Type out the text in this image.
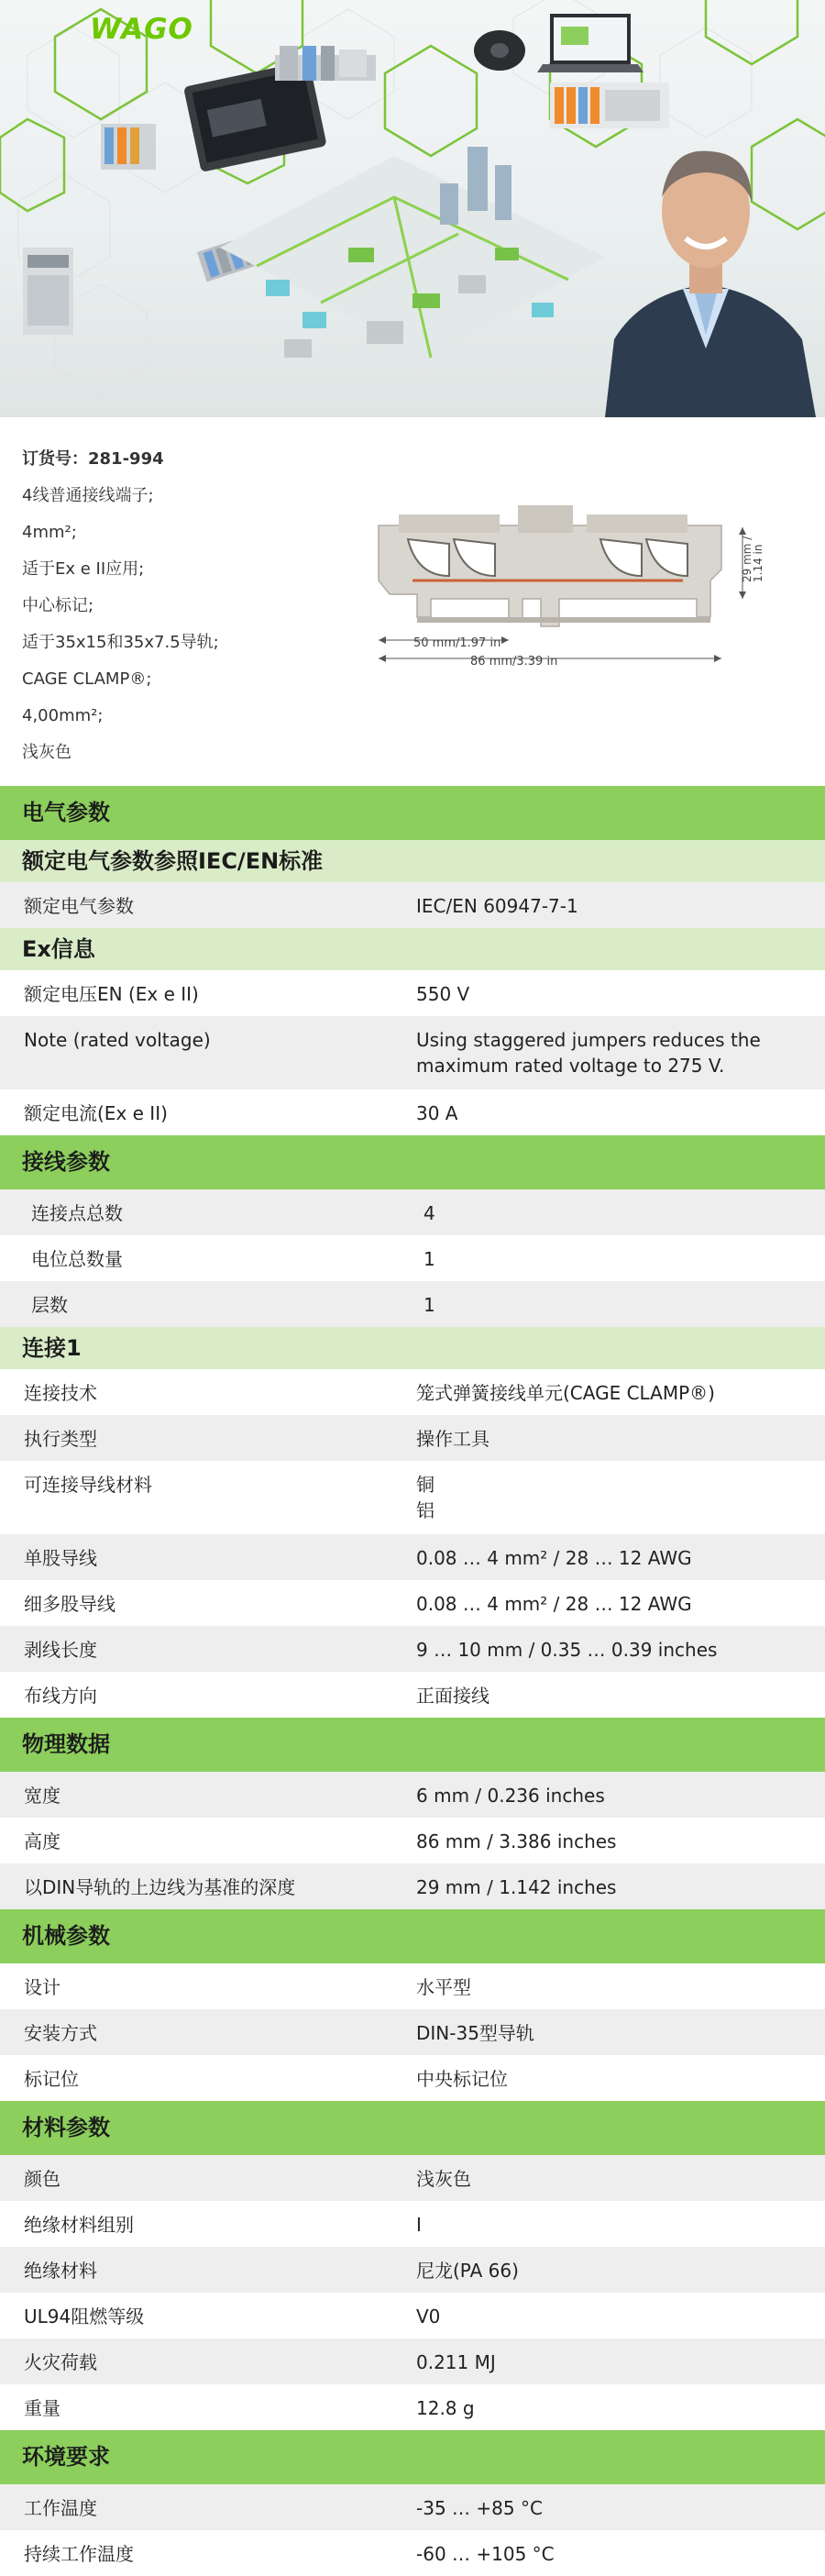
WAGO
订货号：281-994
4线普通接线端子;
4mm²;
适于Ex e II应用;
中心标记;
适于35x15和35x7.5导轨;
CAGE CLAMP®;
4,00mm²;
浅灰色
29 mm /
1.14 in
50 mm/1.97 in
86 mm/3.39 in
电气参数
额定电气参数参照IEC/EN标准
额定电气参数	IEC/EN 60947-7-1
Ex信息
额定电压EN (Ex e II)	550 V
Note (rated voltage)	Using staggered jumpers reduces the maximum rated voltage to 275 V.
额定电流(Ex e II)	30 A
接线参数
连接点总数	4
电位总数量	1
层数	1
连接1
连接技术	笼式弹簧接线单元(CAGE CLAMP®)
执行类型	操作工具
可连接导线材料	铜
铝
单股导线	0.08 … 4 mm² / 28 … 12 AWG
细多股导线	0.08 … 4 mm² / 28 … 12 AWG
剥线长度	9 … 10 mm / 0.35 … 0.39 inches
布线方向	正面接线
物理数据
宽度	6 mm / 0.236 inches
高度	86 mm / 3.386 inches
以DIN导轨的上边线为基准的深度	29 mm / 1.142 inches
机械参数
设计	水平型
安装方式	DIN-35型导轨
标记位	中央标记位
材料参数
颜色	浅灰色
绝缘材料组别	I
绝缘材料	尼龙(PA 66)
UL94阻燃等级	V0
火灾荷载	0.211 MJ
重量	12.8 g
环境要求
工作温度	-35 … +85 °C
持续工作温度	-60 … +105 °C
